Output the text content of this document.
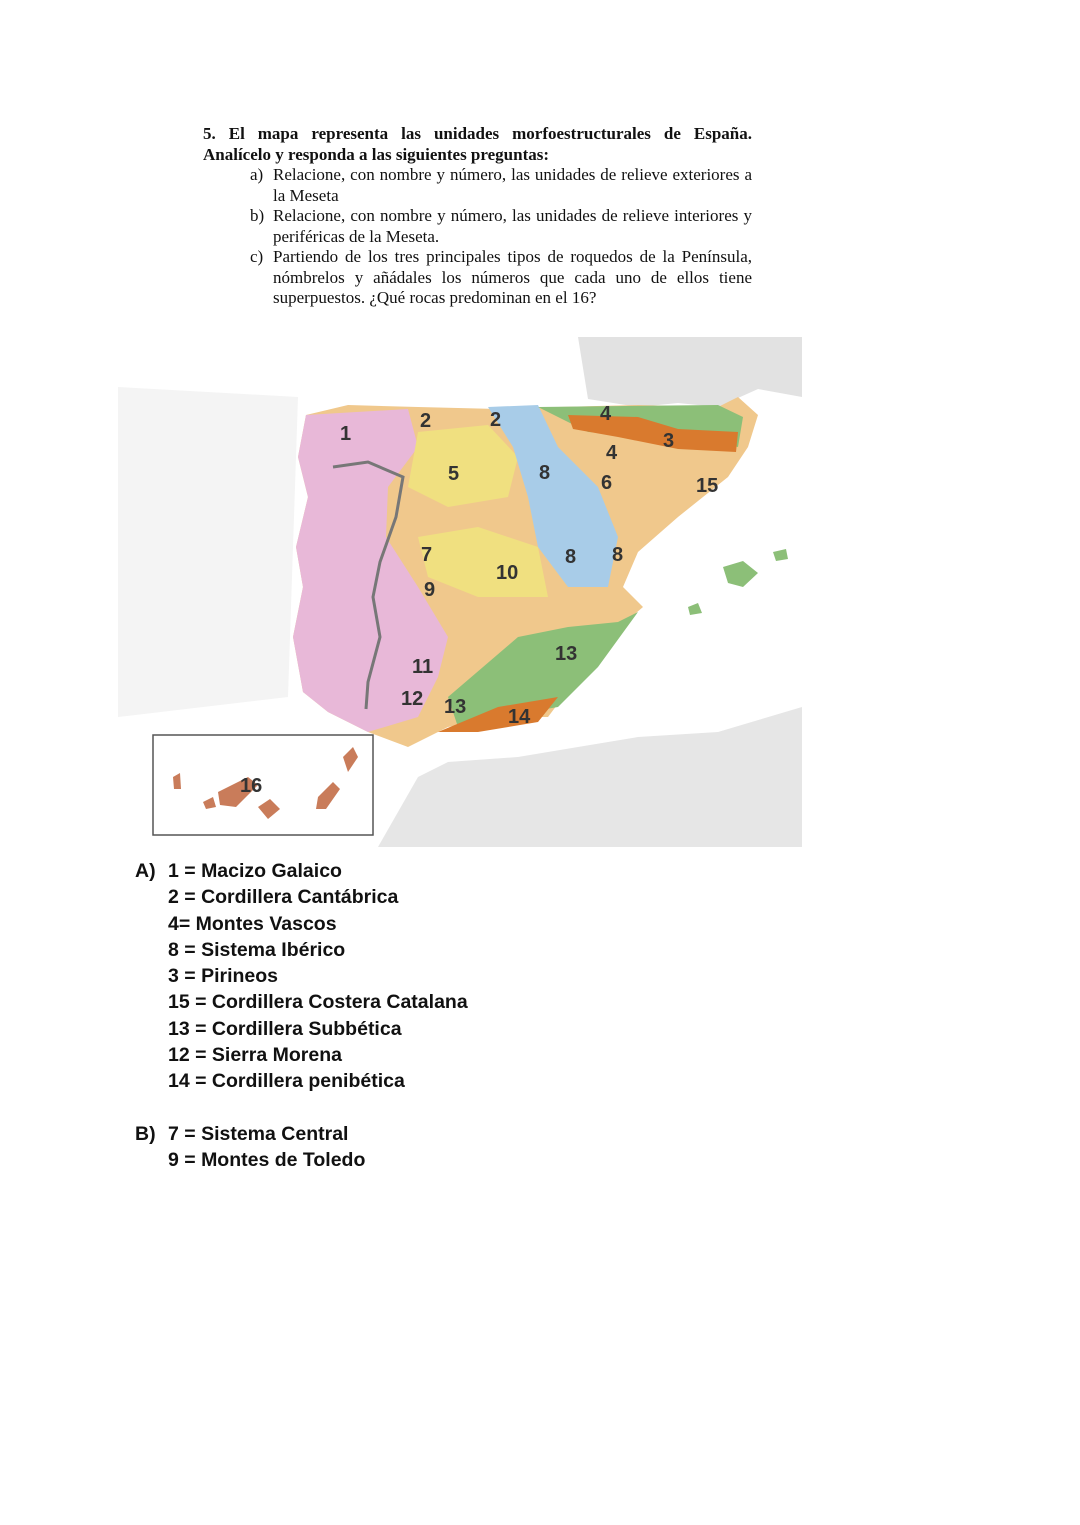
5. El mapa representa las unidades morfoestructurales de España. Analícelo y responda a las siguientes preguntas:
a) Relacione, con nombre y número, las unidades de relieve exteriores a la Meseta
b) Relacione, con nombre y número, las unidades de relieve interiores y periféricas de la Meseta.
c) Partiendo de los tres principales tipos de roquedos de la Península, nómbrelos y añádales los números que cada uno de ellos tiene superpuestos. ¿Qué rocas predominan en el 16?
1
2	2	4
3
4
5	8	6	15
7
9
10
8 8
13
11
12 13 14
16
A) 1 = Macizo Galaico
2 = Cordillera Cantábrica
4= Montes Vascos
8 = Sistema Ibérico
3 = Pirineos
15 = Cordillera Costera Catalana
13 = Cordillera Subbética
12 = Sierra Morena
14 = Cordillera penibética
B) 7 = Sistema Central
9 = Montes de Toledo
